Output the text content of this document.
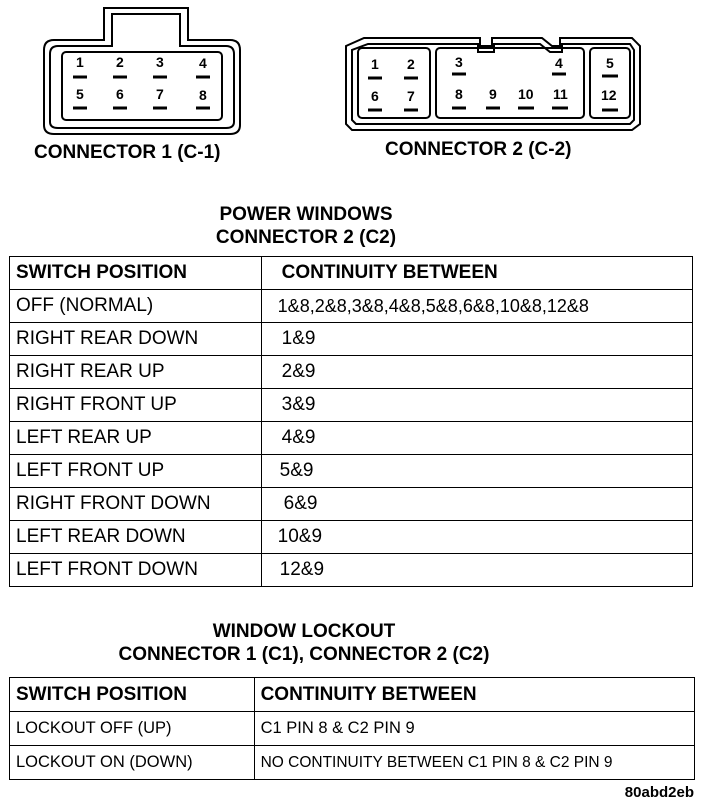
1 2 3	4
5 6 7	8
CONNECTOR 1 (C-1)
1 2
6 7
3	4
8 9 10 11
5
12
CONNECTOR 2 (C-2)
POWER WINDOWS
CONNECTOR 2 (C2)
SWITCH POSITION	CONTINUITY BETWEEN
OFF (NORMAL)	1&8,2&8,3&8,4&8,5&8,6&8,10&8,12&8
RIGHT REAR DOWN	1&9
RIGHT REAR UP	2&9
RIGHT FRONT UP	3&9
LEFT REAR UP	4&9
LEFT FRONT UP	5&9
RIGHT FRONT DOWN	6&9
LEFT REAR DOWN	10&9
LEFT FRONT DOWN	12&9
WINDOW LOCKOUT
CONNECTOR 1 (C1), CONNECTOR 2 (C2)
SWITCH POSITION	CONTINUITY BETWEEN
LOCKOUT OFF (UP)	C1 PIN 8 & C2 PIN 9
LOCKOUT ON (DOWN)	NO CONTINUITY BETWEEN C1 PIN 8 & C2 PIN 9
80abd2eb
